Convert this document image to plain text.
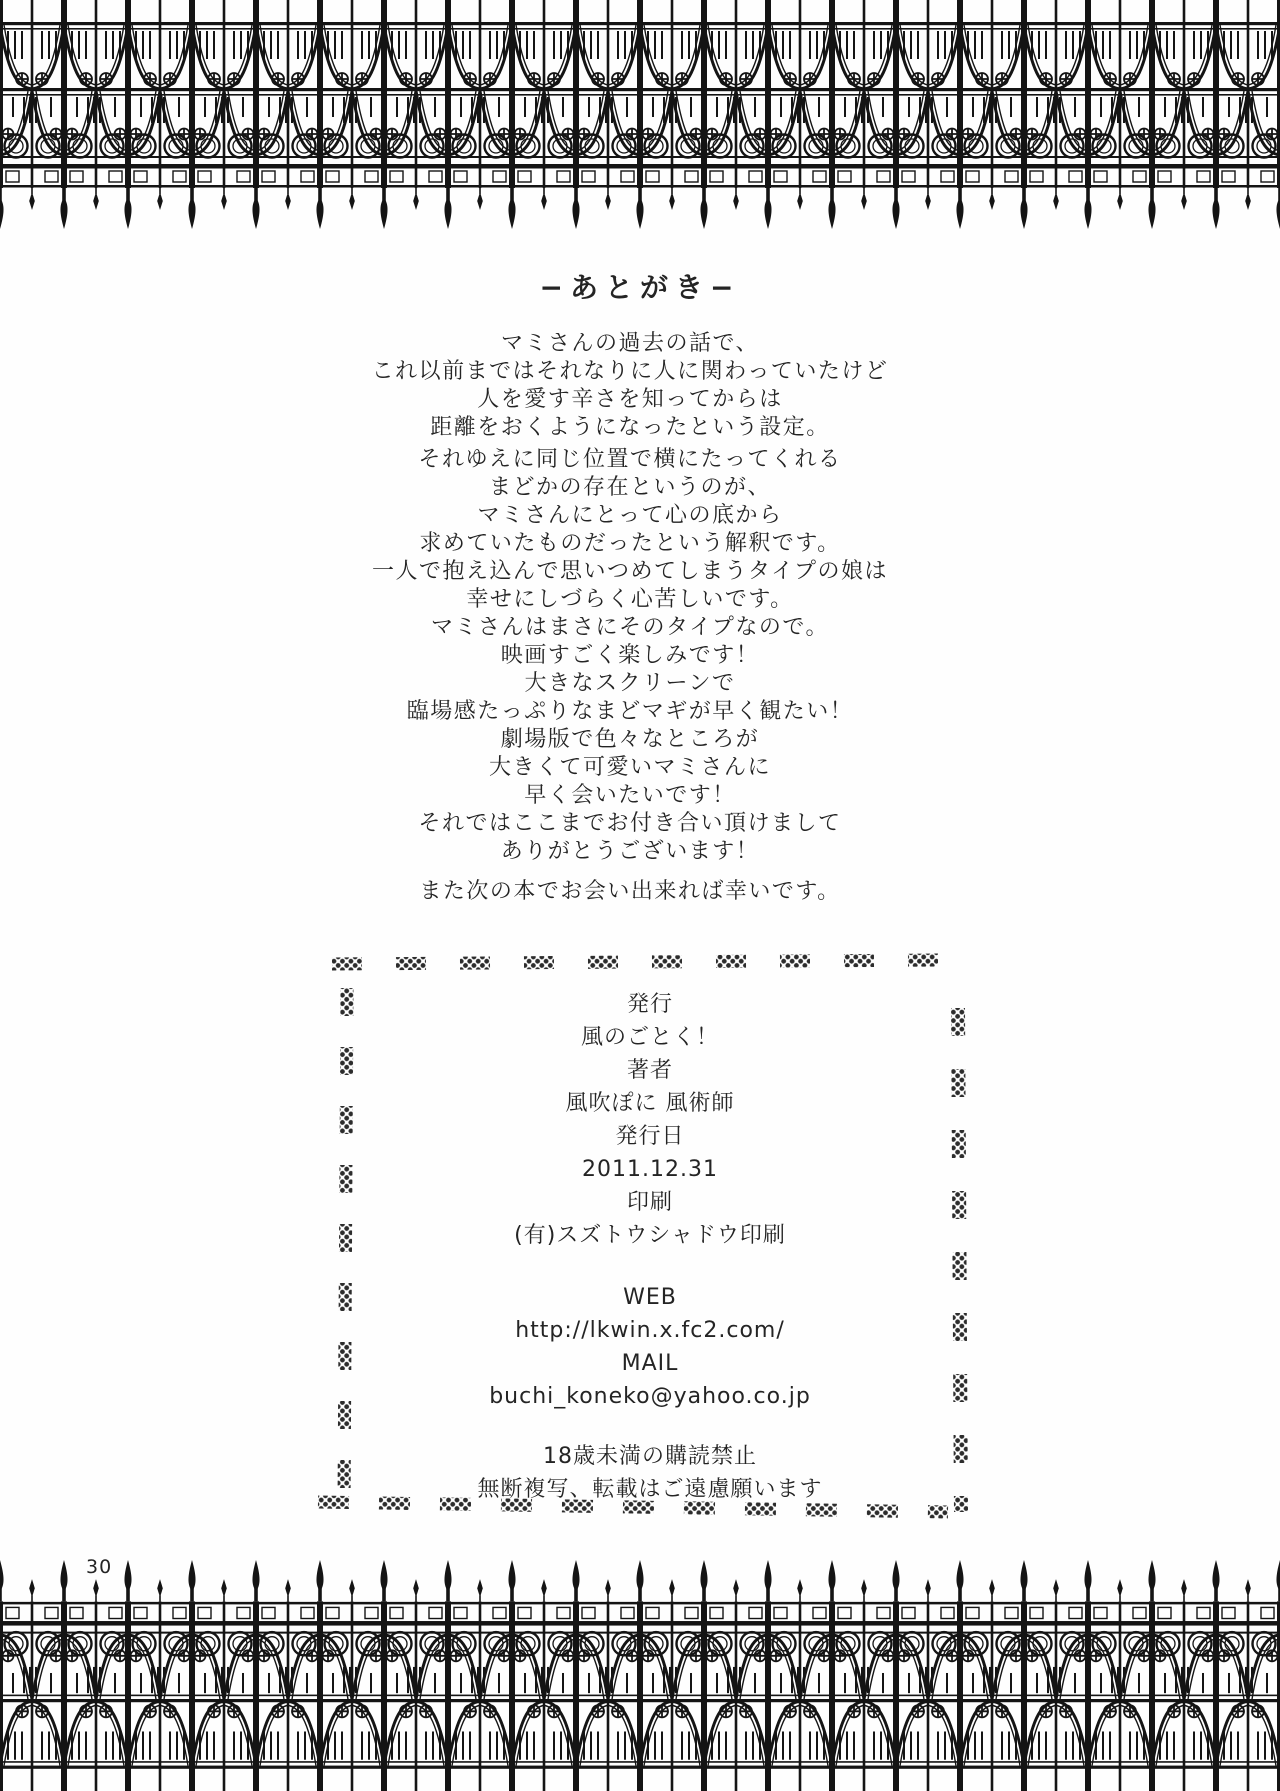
−あとがき−

マミさんの過去の話で、

これ以前まではそれなりに人に関わっていたけど

人を愛す辛さを知ってからは

距離をおくようになったという設定。

それゆえに同じ位置で横にたってくれる

まどかの存在というのが、

マミさんにとって心の底から

求めていたものだったという解釈です。

一人で抱え込んで思いつめてしまうタイプの娘は

幸せにしづらく心苦しいです。

マミさんはまさにそのタイプなので。

映画すごく楽しみです！

大きなスクリーンで

臨場感たっぷりなまどマギが早く観たい！

劇場版で色々なところが

大きくて可愛いマミさんに

早く会いたいです！

それではここまでお付き合い頂けまして

ありがとうございます！

また次の本でお会い出来れば幸いです。

発行

風のごとく！

著者

風吹ぽに 風術師

発行日

2011.12.31

印刷

(有)スズトウシャドウ印刷

WEB

http://lkwin.x.fc2.com/

MAIL

buchi_koneko@yahoo.co.jp

18歳未満の購読禁止

無断複写、転載はご遠慮願います

30
